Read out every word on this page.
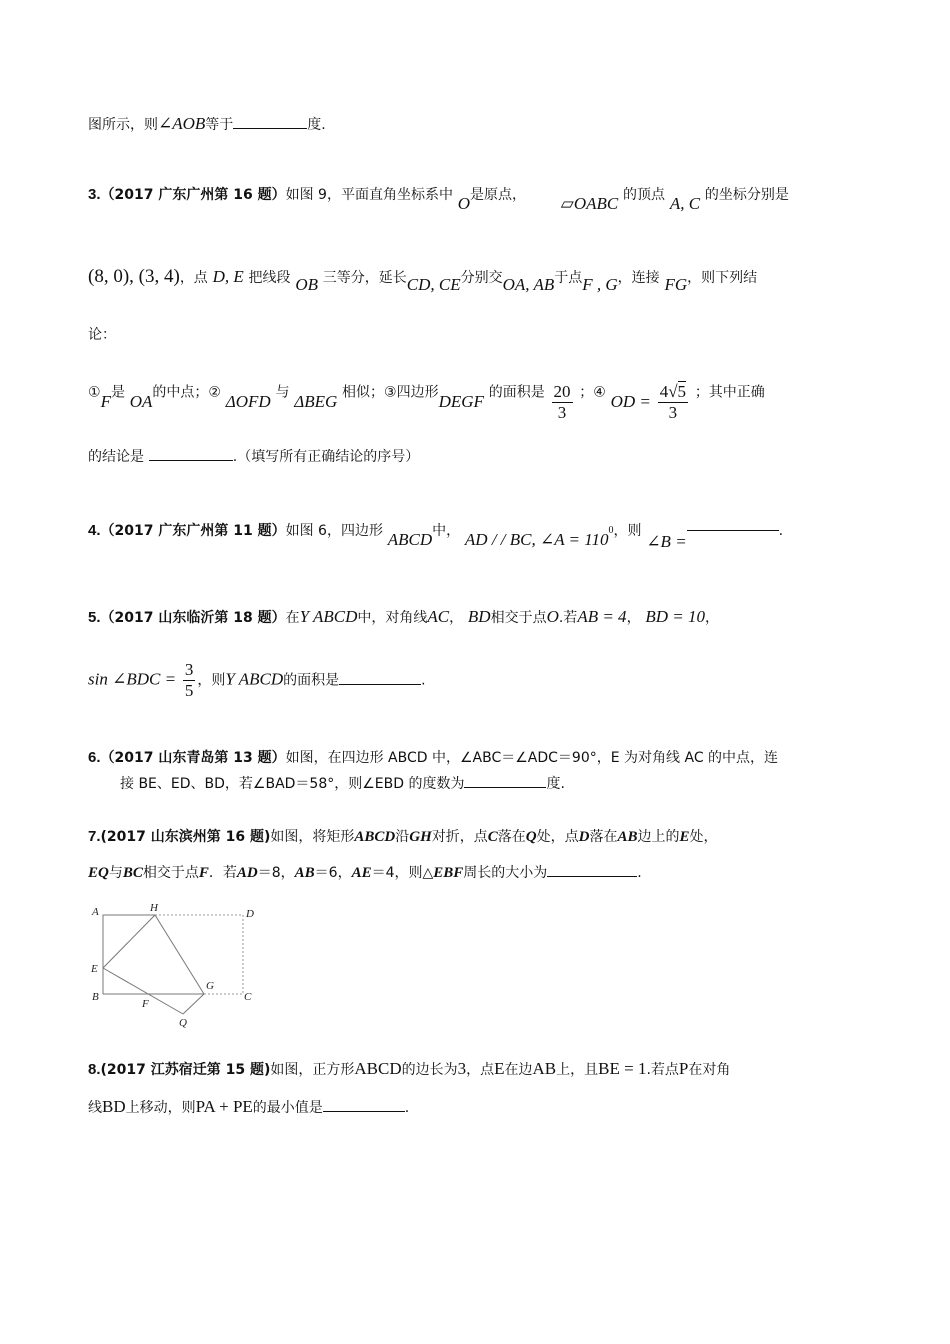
图所示，则∠AOB等于	度.
3.（2017 广东广州第 16 题）如图 9，平面直角坐标系中 O是原点， ▱OABC 的顶点 A, C 的坐标分别是
(8, 0), (3, 4)，点 D, E 把线段 OB 三等分，延长CD, CE分别交OA, AB于点F , G，连接 FG，则下列结
论：
①F是 OA的中点；② ΔOFD 与 ΔBEG 相似；③四边形DEGF 的面积是 $\frac{20}{3}$ ；④ OD = $\frac{4√5}{3}$ ；其中正确
的结论是	.（填写所有正确结论的序号）
4.（2017 广东广州第 11 题）如图 6，四边形 ABCD中， AD / / BC, ∠A = $110^0$，则 ∠B =.
5.（2017 山东临沂第 18 题）在Y ABCD中，对角线AC， BD相交于点O.若AB = 4， BD = 10，
sin ∠BDC = $\frac{3}{5}$ ，则Y ABCD的面积是	.
6.（2017 山东青岛第 13 题）如图，在四边形 ABCD 中，∠ABC＝∠ADC＝90°，E 为对角线 AC 的中点，连
接 BE、ED、BD，若∠BAD＝58°，则∠EBD 的度数为	度.
7.(2017 山东滨州第 16 题)如图，将矩形ABCD沿GH对折，点C落在Q处，点D落在AB边上的E处，
EQ与BC相交于点F．若AD＝8，AB＝6，AE＝4，则△EBF周长的大小为	.
A	H	D
E
B
F
G
C
Q
8.(2017 江苏宿迁第 15 题)如图，正方形ABCD的边长为3，点E在边AB上，且BE = 1.若点P在对角
线BD上移动，则PA + PE的最小值是	.
